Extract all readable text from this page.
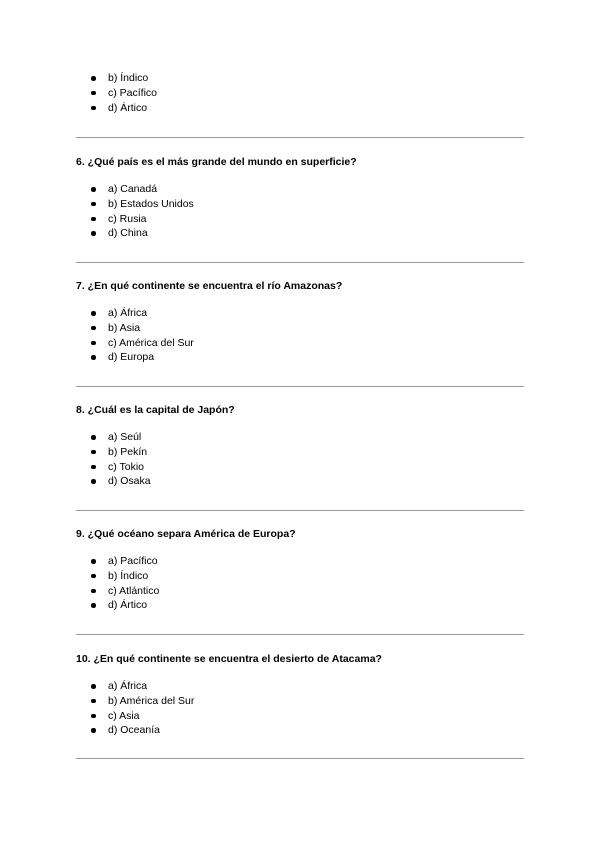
b) Índico
c) Pacífico
d) Ártico

6. ¿Qué país es el más grande del mundo en superficie?

a) Canadá
b) Estados Unidos
c) Rusia
d) China

7. ¿En qué continente se encuentra el río Amazonas?

a) África
b) Asia
c) América del Sur
d) Europa

8. ¿Cuál es la capital de Japón?

a) Seúl
b) Pekín
c) Tokio
d) Osaka

9. ¿Qué océano separa América de Europa?

a) Pacífico
b) Índico
c) Atlántico
d) Ártico

10. ¿En qué continente se encuentra el desierto de Atacama?

a) África
b) América del Sur
c) Asia
d) Oceanía
